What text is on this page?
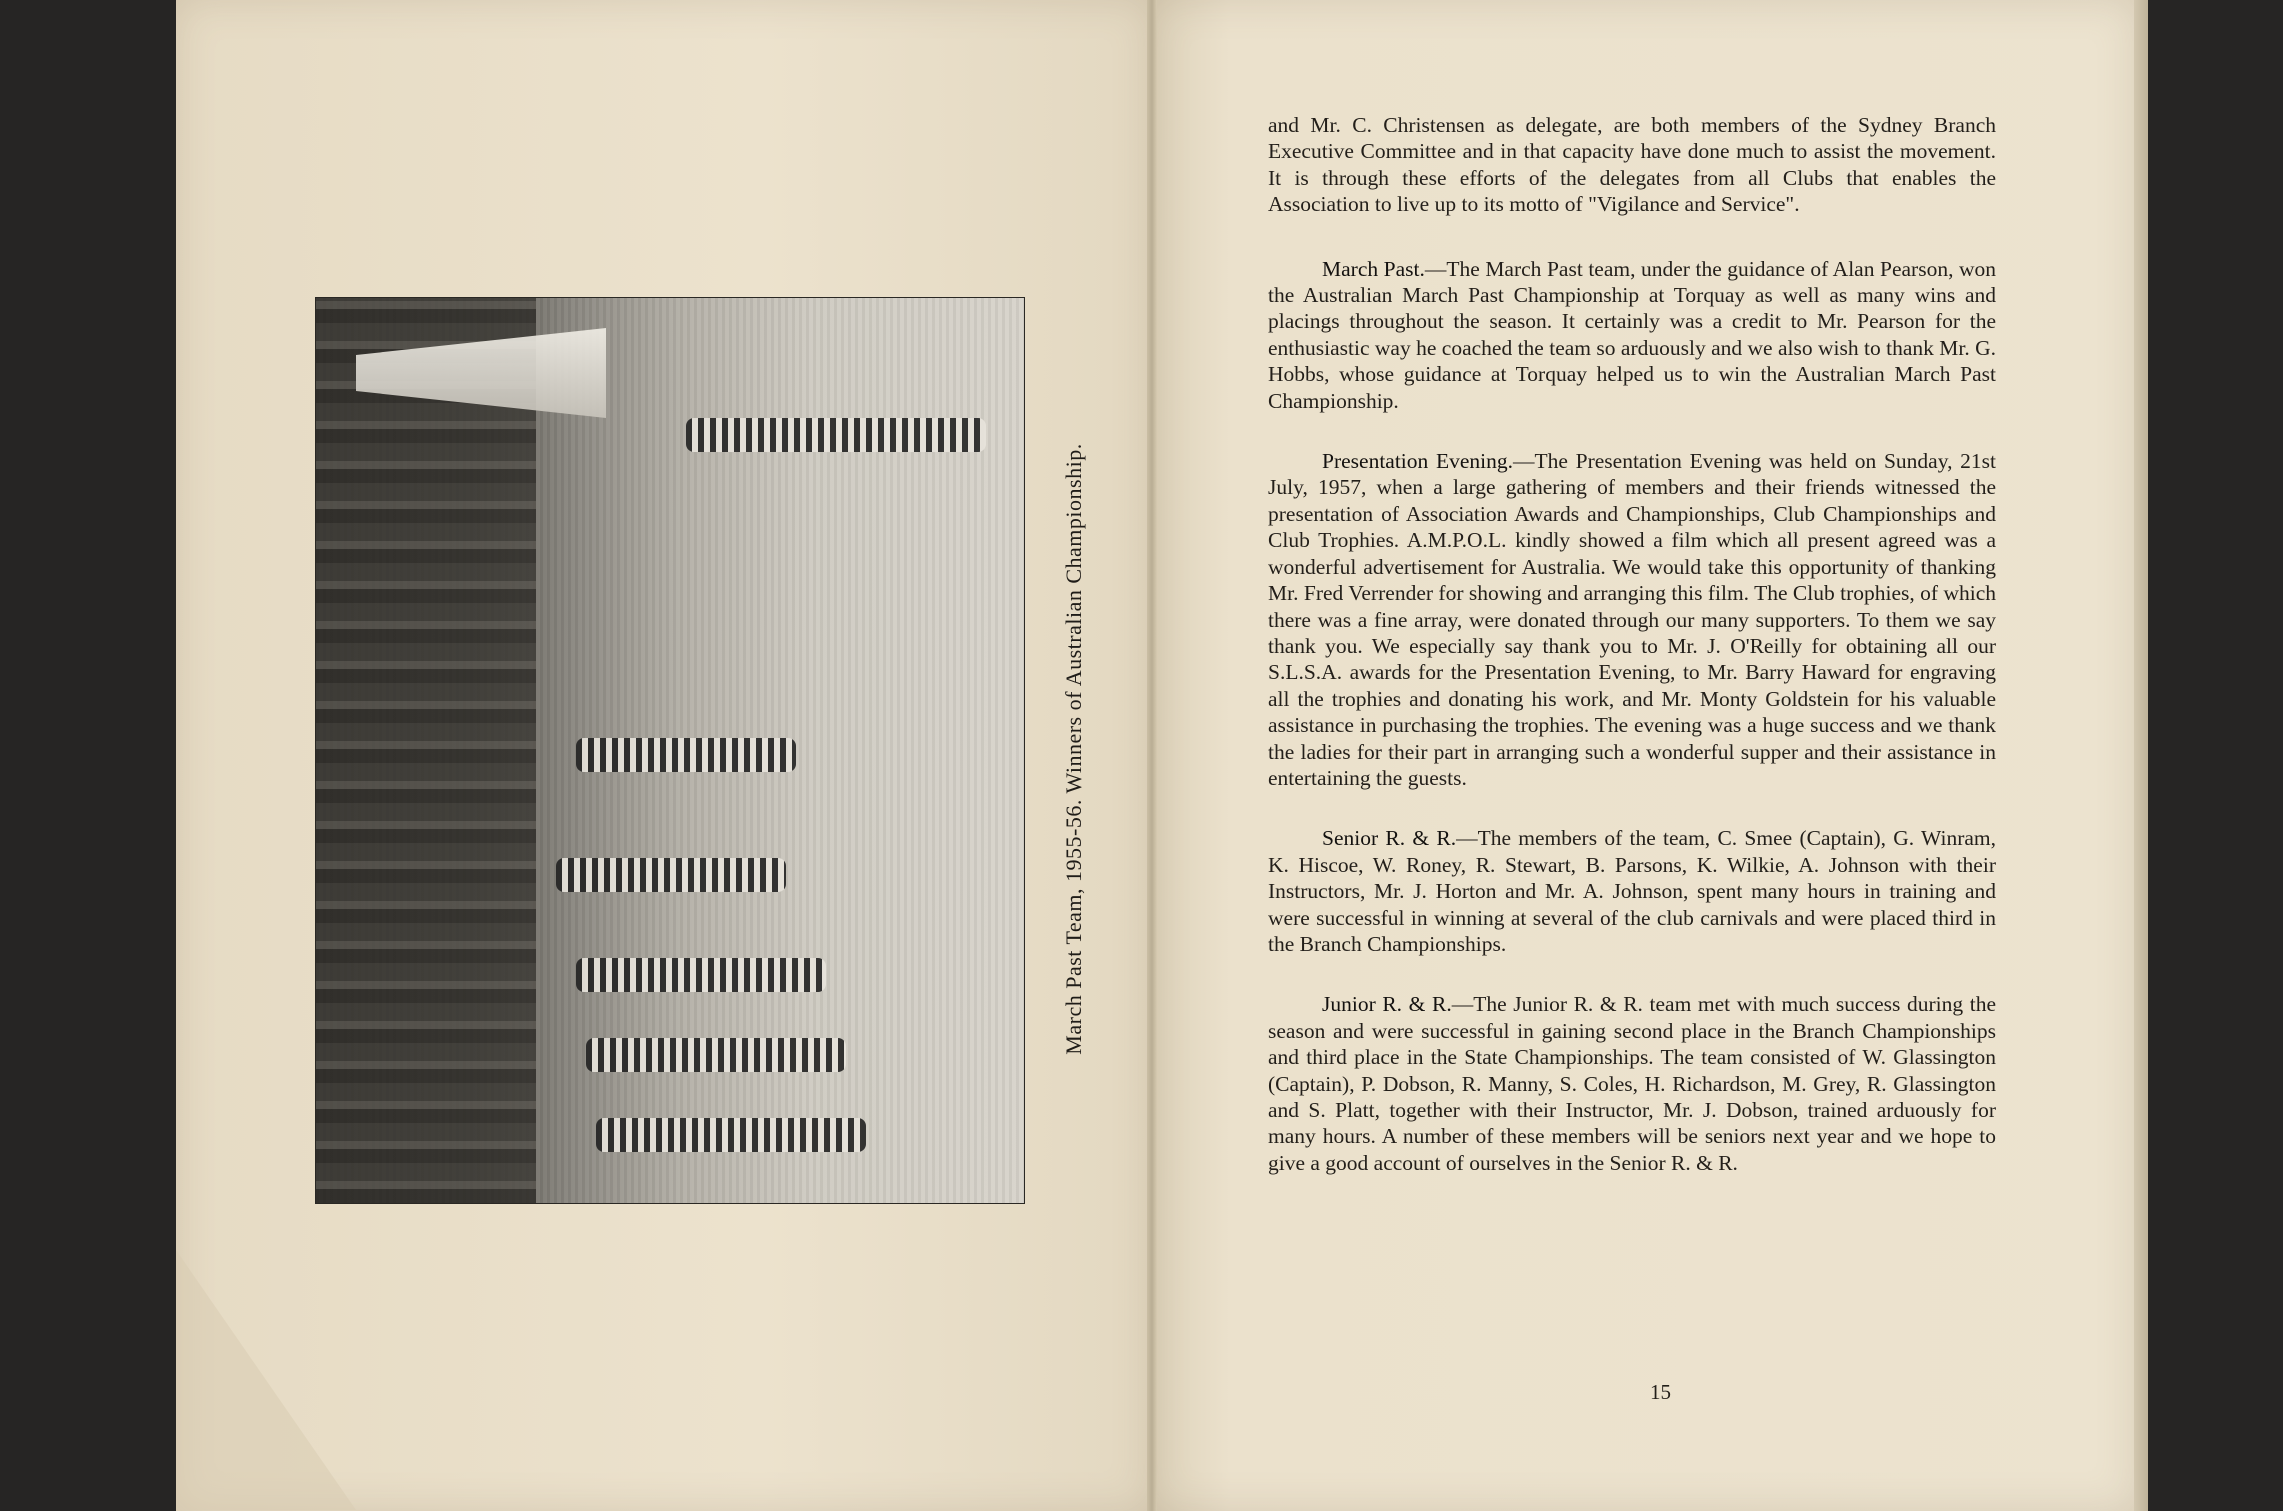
March Past Team, 1955-56. Winners of Australian Championship.

and Mr. C. Christensen as delegate, are both members of the Sydney Branch Executive Committee and in that capacity have done much to assist the movement. It is through these efforts of the delegates from all Clubs that enables the Association to live up to its motto of "Vigilance and Service".

March Past.—The March Past team, under the guidance of Alan Pearson, won the Australian March Past Championship at Torquay as well as many wins and placings throughout the season. It certainly was a credit to Mr. Pearson for the enthusiastic way he coached the team so arduously and we also wish to thank Mr. G. Hobbs, whose guidance at Torquay helped us to win the Australian March Past Championship.

Presentation Evening.—The Presentation Evening was held on Sunday, 21st July, 1957, when a large gathering of members and their friends witnessed the presentation of Association Awards and Championships, Club Championships and Club Trophies. A.M.P.O.L. kindly showed a film which all present agreed was a wonderful advertisement for Australia. We would take this opportunity of thanking Mr. Fred Verrender for showing and arranging this film. The Club trophies, of which there was a fine array, were donated through our many supporters. To them we say thank you. We especially say thank you to Mr. J. O'Reilly for obtaining all our S.L.S.A. awards for the Presentation Evening, to Mr. Barry Haward for engraving all the trophies and donating his work, and Mr. Monty Goldstein for his valuable assistance in purchasing the trophies. The evening was a huge success and we thank the ladies for their part in arranging such a wonderful supper and their assistance in entertaining the guests.

Senior R. & R.—The members of the team, C. Smee (Captain), G. Winram, K. Hiscoe, W. Roney, R. Stewart, B. Parsons, K. Wilkie, A. Johnson with their Instructors, Mr. J. Horton and Mr. A. Johnson, spent many hours in training and were successful in winning at several of the club carnivals and were placed third in the Branch Championships.

Junior R. & R.—The Junior R. & R. team met with much success during the season and were successful in gaining second place in the Branch Championships and third place in the State Championships. The team consisted of W. Glassington (Captain), P. Dobson, R. Manny, S. Coles, H. Richardson, M. Grey, R. Glassington and S. Platt, together with their Instructor, Mr. J. Dobson, trained arduously for many hours. A number of these members will be seniors next year and we hope to give a good account of ourselves in the Senior R. & R.

15
